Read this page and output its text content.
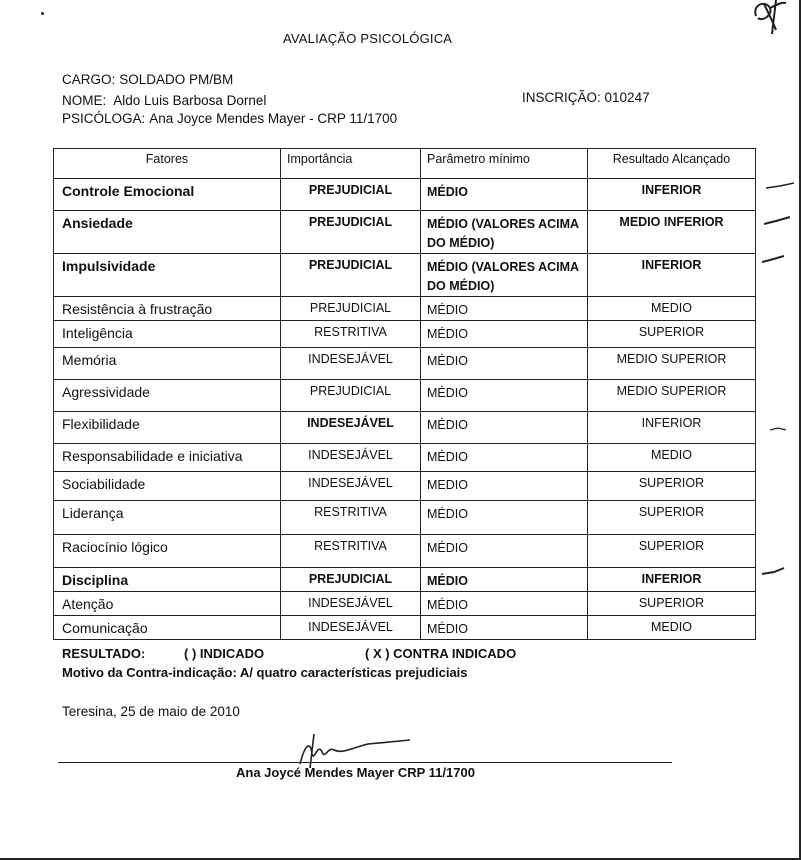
AVALIAÇÃO PSICOLÓGICA
CARGO: SOLDADO PM/BM
NOME: Aldo Luis Barbosa Dornel	INSCRIÇÃO: 010247
PSICÓLOGA: Ana Joyce Mendes Mayer - CRP 11/1700
Fatores	Importância	Parâmetro mínimo	Resultado Alcançado
Controle Emocional	PREJUDICIAL	MÉDIO	INFERIOR
Ansiedade	PREJUDICIAL	MÉDIO (VALORES ACIMA DO MÉDIO)	MEDIO INFERIOR
Impulsividade	PREJUDICIAL	MÉDIO (VALORES ACIMA DO MÉDIO)	INFERIOR
Resistência à frustração	PREJUDICIAL	MÉDIO	MEDIO
Inteligência	RESTRITIVA	MÉDIO	SUPERIOR
Memória	INDESEJÁVEL	MÉDIO	MEDIO SUPERIOR
Agressividade	PREJUDICIAL	MÉDIO	MEDIO SUPERIOR
Flexibilidade	INDESEJÁVEL	MÉDIO	INFERIOR
Responsabilidade e iniciativa	INDESEJÁVEL	MÉDIO	MEDIO
Sociabilidade	INDESEJÁVEL	MEDIO	SUPERIOR
Liderança	RESTRITIVA	MÉDIO	SUPERIOR
Raciocínio lógico	RESTRITIVA	MÉDIO	SUPERIOR
Disciplina	PREJUDICIAL	MÉDIO	INFERIOR
Atenção	INDESEJÁVEL	MÉDIO	SUPERIOR
Comunicação	INDESEJÁVEL	MÉDIO	MEDIO
RESULTADO:	( ) INDICADO	( X ) CONTRA INDICADO
Motivo da Contra-indicação: A/ quatro características prejudiciais
Teresina, 25 de maio de 2010
Ana Joycé Mendes Mayer CRP 11/1700
